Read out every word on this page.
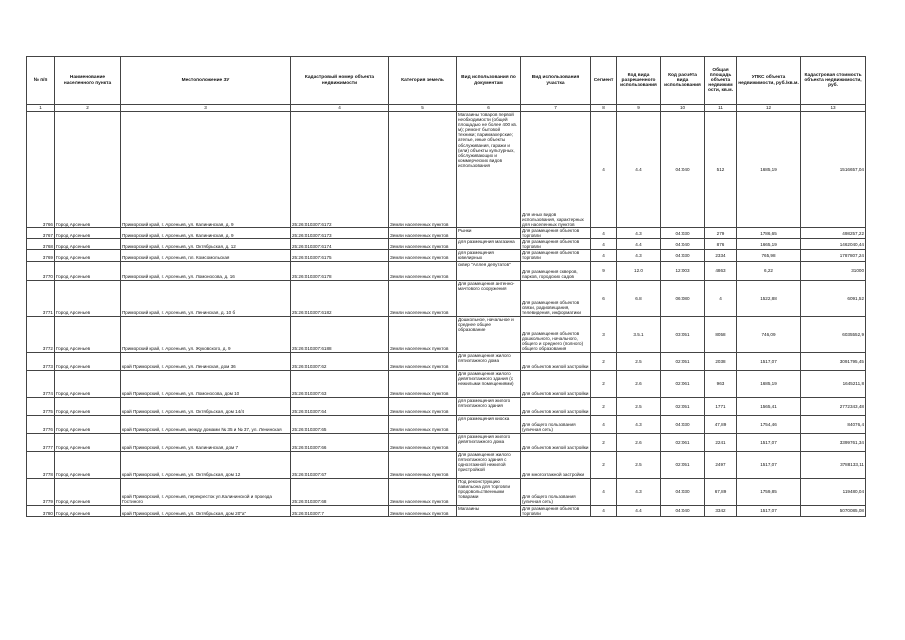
№ п/п	Наименование населенного пункта	Местоположение ЗУ	Кадастровый номер объекта недвижимости	Категория земель	Вид использования по документам	Вид использования участка	Сегмент	Код вида разрешенного использования	Код расчёта вида использования	Общая площадь объекта недвижим ости, кв.м.	УПКС объекта недвижимости, руб./кв.м.	Кадастровая стоимость объекта недвижимости, руб.
1	2	3	4	5	6	7	8	9	10	11	12	13
3766	Город Арсеньев	Приморский край, г. Арсеньев, ул. Калининская, д. 9	25:26:010307:6172	Земли населенных пунктов	Магазины товаров первой необходимости (общей площадью не более 400 кв. м); ремонт бытовой техники; парикмахерские; ателье, иные объекты обслуживания, гаражи и (или) объекты культурных, обслуживающих и коммерческих видов использования	Для иных видов использования, характерных для населенных пунктов	4	4.4	04:040	512	1685,19	1516657,04
3767	Город Арсеньев	Приморский край, г. Арсеньев, ул. Калининская, д. 9	25:26:010307:6173	Земли населенных пунктов	Рынки	Для размещения объектов торговли	4	4.3	04:030	279	1786,65	498257,22
3768	Город Арсеньев	Приморский край, г. Арсеньев, ул. Октябрьская, д. 12	25:26:010307:6174	Земли населенных пунктов	для размещения магазина	Для размещения объектов торговли	4	4.4	04:040	876	1665,19	1462040,44
3769	Город Арсеньев	Приморский край, г. Арсеньев, пл. Комсомольская	25:26:010307:6175	Земли населенных пунктов	для размещения ювелирных	Для размещения объектов торговли	4	4.3	04:030	2334	765,98	1787807,24
3770	Город Арсеньев	Приморский край, г. Арсеньев, ул. Ломоносова, д. 16	25:26:010307:6178	Земли населенных пунктов	сквер "Аллея депутатов"	Для размещения скверов, парков, городских садов	9	12.0	12:003	4863	6,22	31000
3771	Город Арсеньев	Приморский край, г. Арсеньев, ул. Ленинская, д. 10 б	25:26:010307:6182	Земли населенных пунктов	Для размещения антенно-мачтового сооружения	Для размещения объектов связи, радиовещания, телевидения, информатики	6	6.8	06:080	4	1522,88	6091,52
3772	Город Арсеньев	Приморский край, г. Арсеньев, ул. Жуковского, д. 9	25:26:010307:6188	Земли населенных пунктов	Дошкольное, начальное и среднее общее образование	Для размещения объектов дошкольного, начального, общего и среднего (полного) общего образования	3	3.5.1	03:051	8058	746,09	6035552,9
3773	Город Арсеньев	край Приморский, г. Арсеньев, ул. Ленинская, дом 36	25:26:010307:62	Земли населенных пунктов	Для размещения жилого пятиэтажного дома	Для объектов жилой застройки	2	2.5	02:051	2038	1517,07	3091795,45
3774	Город Арсеньев	край Приморский, г. Арсеньев, ул. Ломоносова, дом 10	25:26:010307:63	Земли населенных пунктов	Для размещения жилого девятиэтажного здания (с нежилыми помещениями)	Для объектов жилой застройки	2	2.6	02:061	963	1685,19	1645211,8
3775	Город Арсеньев	край Приморский, г. Арсеньев, ул. Октябрьская, дом 14/4	25:26:010307:64	Земли населенных пунктов	для размещения жилого пятиэтажного здания	Для объектов жилой застройки	2	2.5	02:051	1771	1565,41	2772343,48
3776	Город Арсеньев	край Приморский, г. Арсеньев, между домами № 35 и № 37, ул. Ленинская	25:26:010307:65	Земли населенных пунктов	для размещения киоска	Для общего пользования (уличная сеть)	4	4.3	04:030	47,89	1754,46	84076,4
3777	Город Арсеньев	край Приморский, г. Арсеньев, ул. Калининская, дом 7	25:26:010307:66	Земли населенных пунктов	для размещения жилого девятиэтажного дома	Для объектов жилой застройки	2	2.6	02:061	2241	1517,07	3399761,34
3778	Город Арсеньев	край Приморский, г. Арсеньев, ул. Октябрьская, дом 12	25:26:010307:67	Земли населенных пунктов	Для размещения жилого пятиэтажного здания с одноэтажной нежилой пристройкой	Для многоэтажной застройки	2	2.5	02:051	2497	1517,07	3788133,11
3779	Город Арсеньев	край Приморский, г. Арсеньев, перекресток ул.Калининской и проезда Гостиного	25:26:010307:68	Земли населенных пунктов	Под реконструкцию павильона для торговли продовольственными товарами	Для общего пользования (уличная сеть)	4	4.3	04:030	67,89	1759,85	119480,04
3780	Город Арсеньев	край Приморский, г. Арсеньев, ул. Октябрьская, дом 20"а"	25:26:010307:7	Земли населенных пунктов	Магазины	Для размещения объектов торговли	4	4.4	04:040	3342	1517,07	5070085,08
